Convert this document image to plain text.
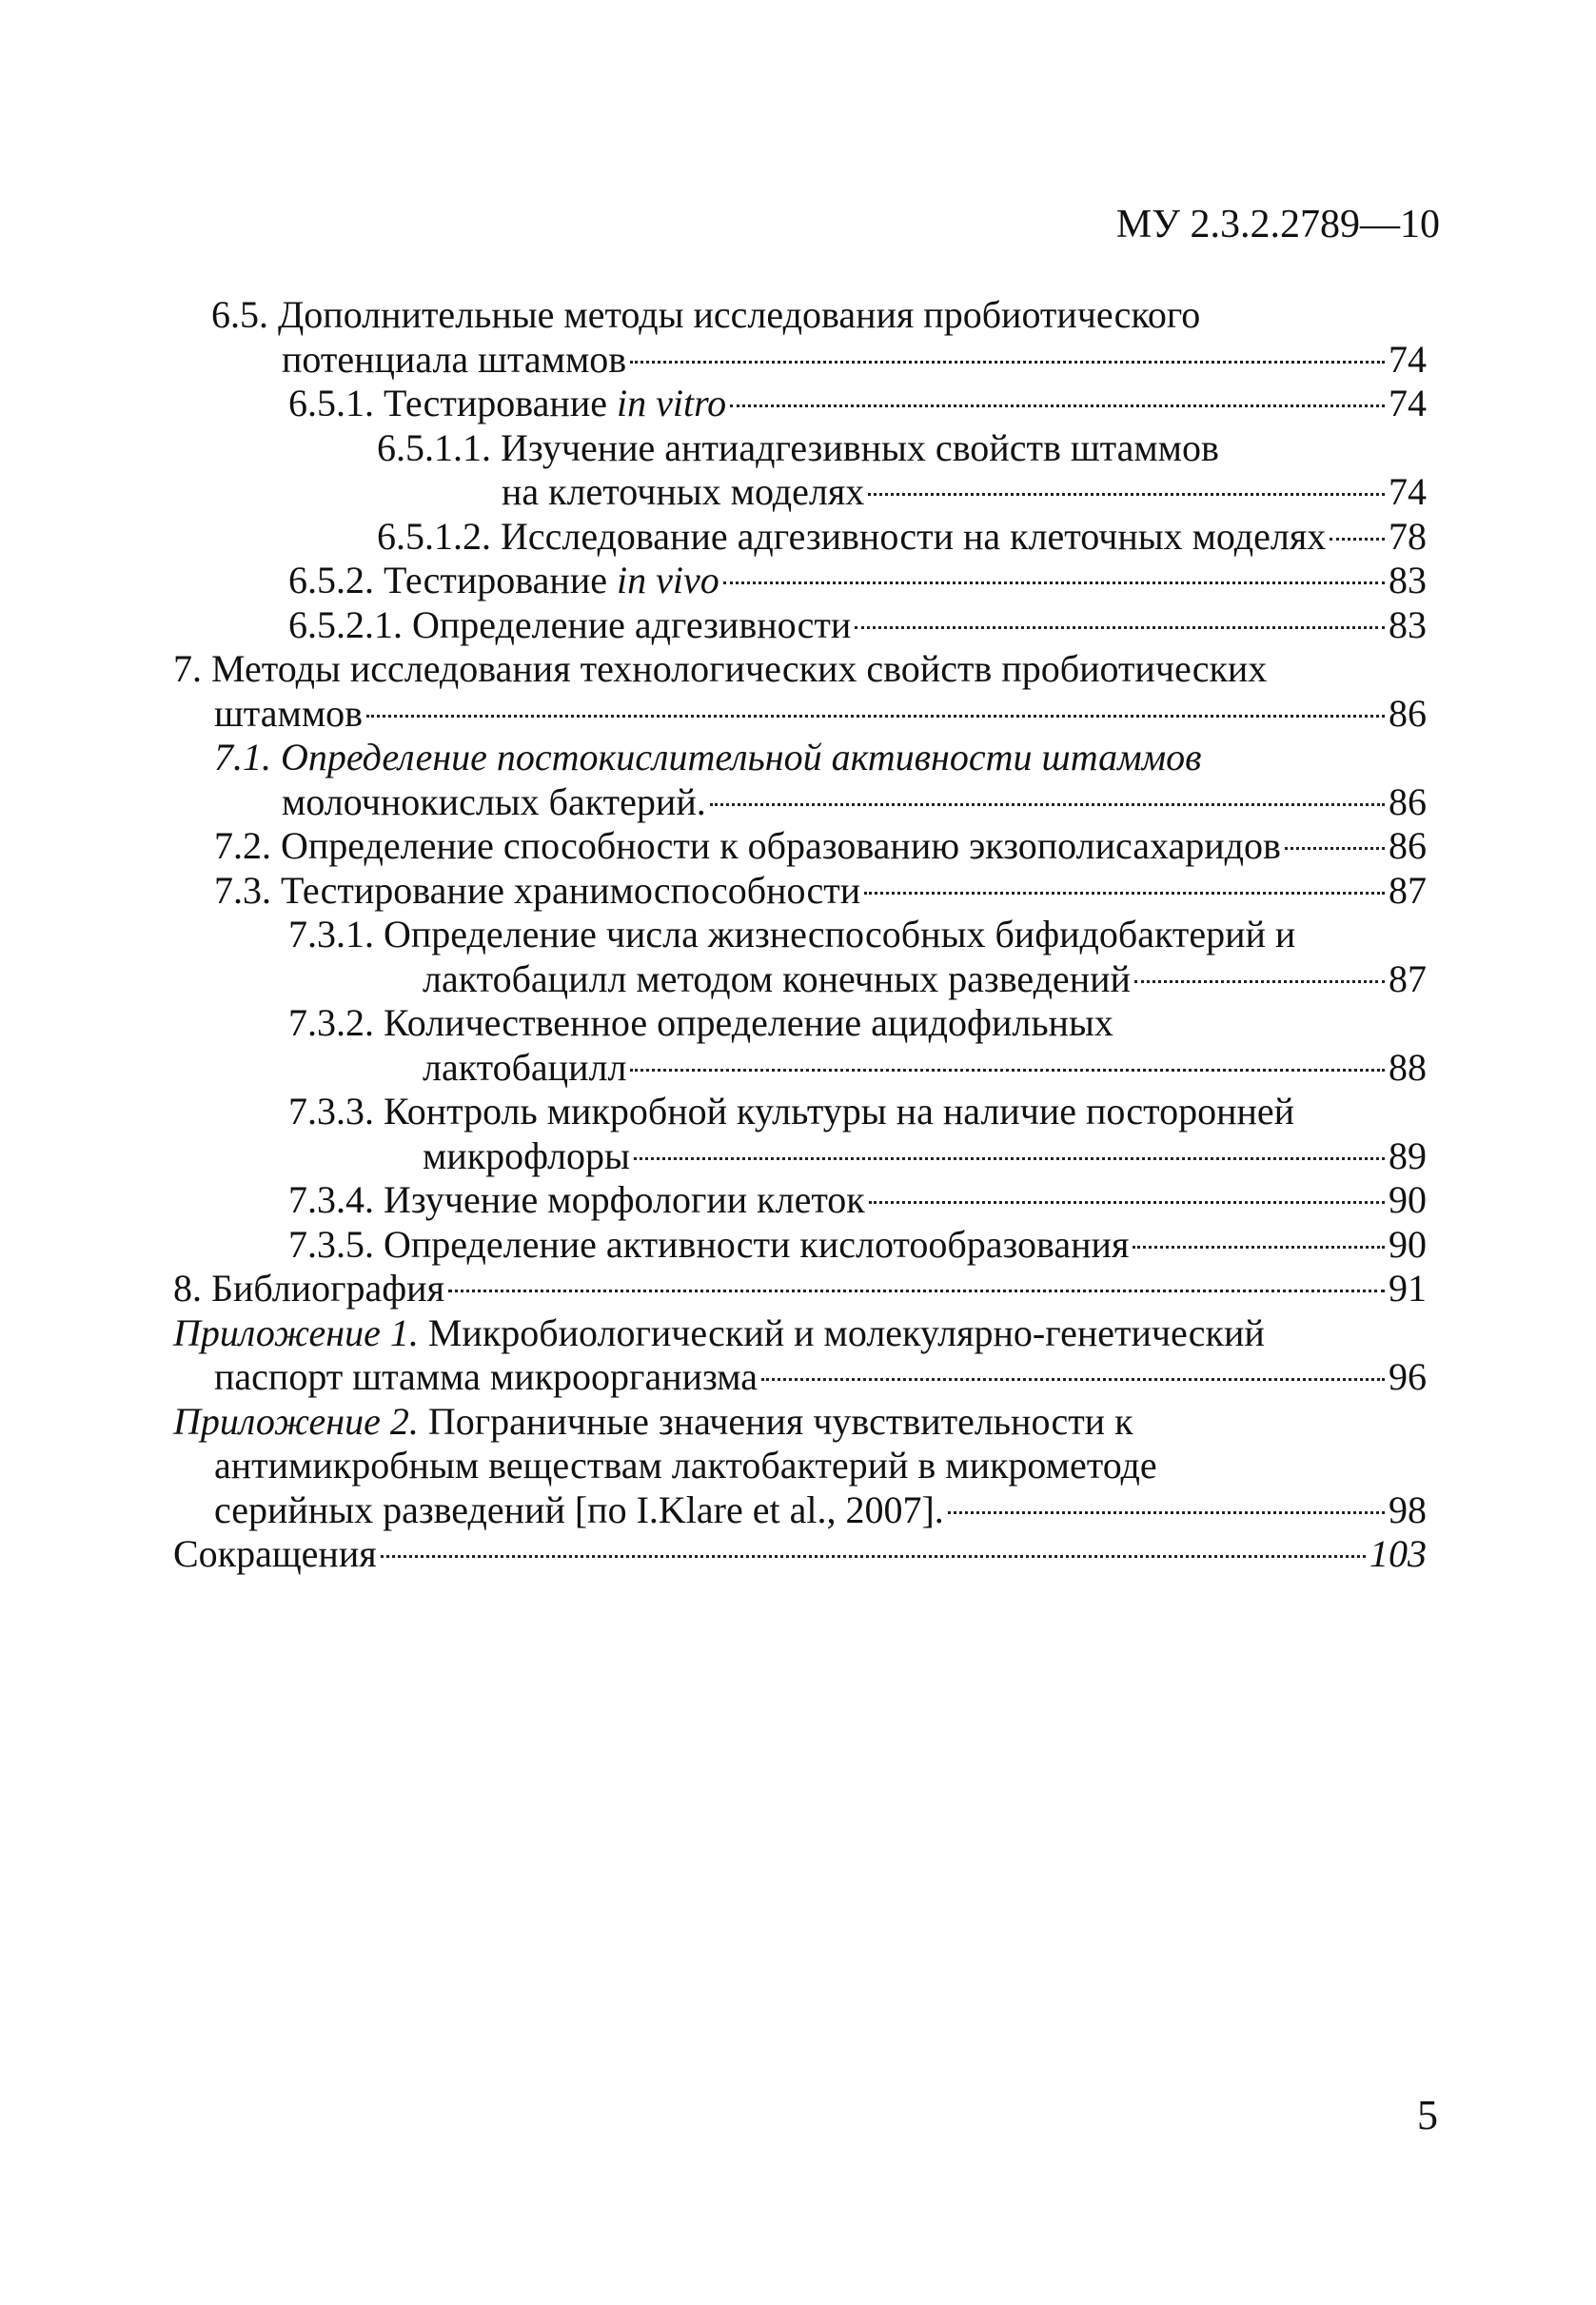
МУ 2.3.2.2789—10
6.5. Дополнительные методы исследования пробиотического
потенциала штаммов	74
6.5.1. Тестирование in vitro	74
6.5.1.1. Изучение антиадгезивных свойств штаммов
на клеточных моделях	74
6.5.1.2. Исследование адгезивности на клеточных моделях 78
6.5.2. Тестирование in vivo	83
6.5.2.1. Определение адгезивности	83
7. Методы исследования технологических свойств пробиотических
штаммов	86
7.1. Определение постокислительной активности штаммов
молочнокислых бактерий.	86
7.2. Определение способности к образованию экзополисахаридов	86
7.3. Тестирование хранимоспособности	87
7.3.1. Определение числа жизнеспособных бифидобактерий и
лактобацилл методом конечных разведений	87
7.3.2. Количественное определение ацидофильных
лактобацилл	88
7.3.3. Контроль микробной культуры на наличие посторонней
микрофлоры	89
7.3.4. Изучение морфологии клеток	90
7.3.5. Определение активности кислотообразования	90
8. Библиография	91
Приложение 1. Микробиологический и молекулярно-генетический
паспорт штамма микроорганизма	96
Приложение 2. Пограничные значения чувствительности к
антимикробным веществам лактобактерий в микрометоде
серийных разведений [по I.Klare et al., 2007].	98
Сокращения	103
5
